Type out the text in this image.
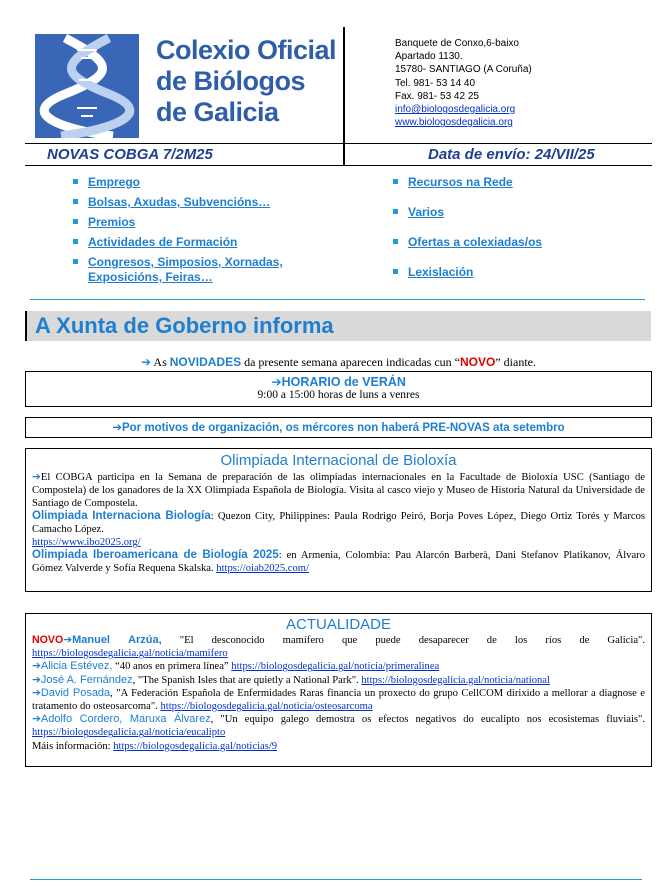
Colexio Oficial
de Biólogos
de Galicia
Banquete de Conxo,6-baixo
Apartado 1130.
15780- SANTIAGO (A Coruña)
Tel. 981- 53 14 40
Fax. 981- 53 42 25
info@biologosdegalicia.org
www.biologosdegalicia.org
NOVAS COBGA 7/2M25	Data de envío: 24/VII/25
Emprego
Bolsas, Axudas, Subvencións…
Premios
Actividades de Formación
Congresos, Simposios, Xornadas, Exposicións, Feiras…
Recursos na Rede
Varios
Ofertas a colexiadas/os
Lexislación
A Xunta de Goberno informa
➔ As NOVIDADES da presente semana aparecen indicadas cun “NOVO” diante.
➔HORARIO de VERÁN
9:00 a 15:00 horas de luns a venres
➔Por motivos de organización, os mércores non haberá PRE-NOVAS ata setembro
Olimpiada Internacional de Bioloxía

➔El COBGA participa en la Semana de preparación de las olimpiadas internacionales en la Facultade de Bioloxía USC (Santiago de Compostela) de los ganadores de la XX Olimpiada Española de Biología. Visita al casco viejo y Museo de Historia Natural da Universidade de Santiago de Compostela.

Olimpiada Internaciona Biología: Quezon City, Philippines: Paula Rodrigo Peiró, Borja Poves López, Diego Ortiz Torés y Marcos Camacho López.
https://www.ibo2025.org/

Olimpiada Iberoamericana de Biología 2025: en Armenia, Colombia: Pau Alarcón Barberà, Dani Stefanov Platikanov, Álvaro Gómez Valverde y Sofía Requena Skalska. https://oiab2025.com/

ACTUALIDADE

NOVO➔Manuel Arzúa, "El desconocido mamífero que puede desaparecer de los ríos de Galicia". https://biologosdegalicia.gal/noticia/mamifero

➔Alicia Estévez, “40 anos en primera línea” https://biologosdegalicia.gal/noticia/primeralinea

➔José A. Fernández, "The Spanish Isles that are quietly a National Park". https://biologosdegalicia.gal/noticia/national

➔David Posada, "A Federación Española de Enfermidades Raras financia un proxecto do grupo CellCOM dirixido a mellorar a diagnose e tratamento do osteosarcoma". https://biologosdegalicia.gal/noticia/osteosarcoma

➔Adolfo Cordero, Maruxa Álvarez, "Un equipo galego demostra os efectos negativos do eucalipto nos ecosistemas fluviais". https://biologosdegalicia.gal/noticia/eucalipto

Máis información: https://biologosdegalicia.gal/noticias/9
